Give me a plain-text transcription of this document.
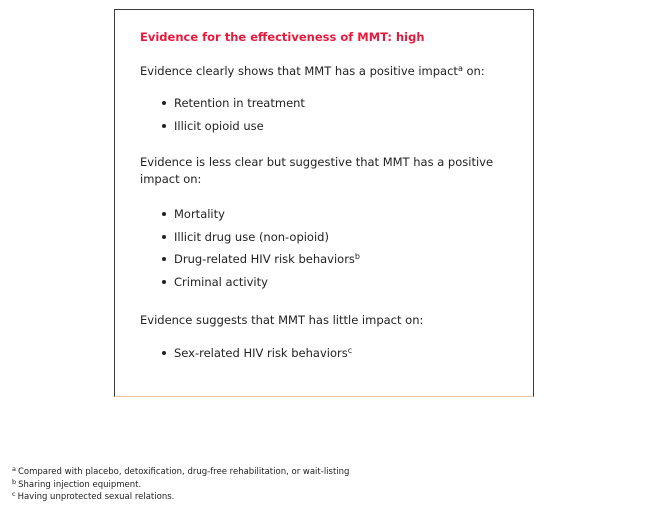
Evidence for the effectiveness of MMT: high

Evidence clearly shows that MMT has a positive impact$^a$ on:

Retention in treatment
Illicit opioid use

Evidence is less clear but suggestive that MMT has a positive impact on:

Mortality
Illicit drug use (non-opioid)
Drug-related HIV risk behaviors$^b$
Criminal activity

Evidence suggests that MMT has little impact on:

Sex-related HIV risk behaviors$^c$
$^a$ Compared with placebo, detoxification, drug-free rehabilitation, or wait-listing
$^b$ Sharing injection equipment.
$^c$ Having unprotected sexual relations.
